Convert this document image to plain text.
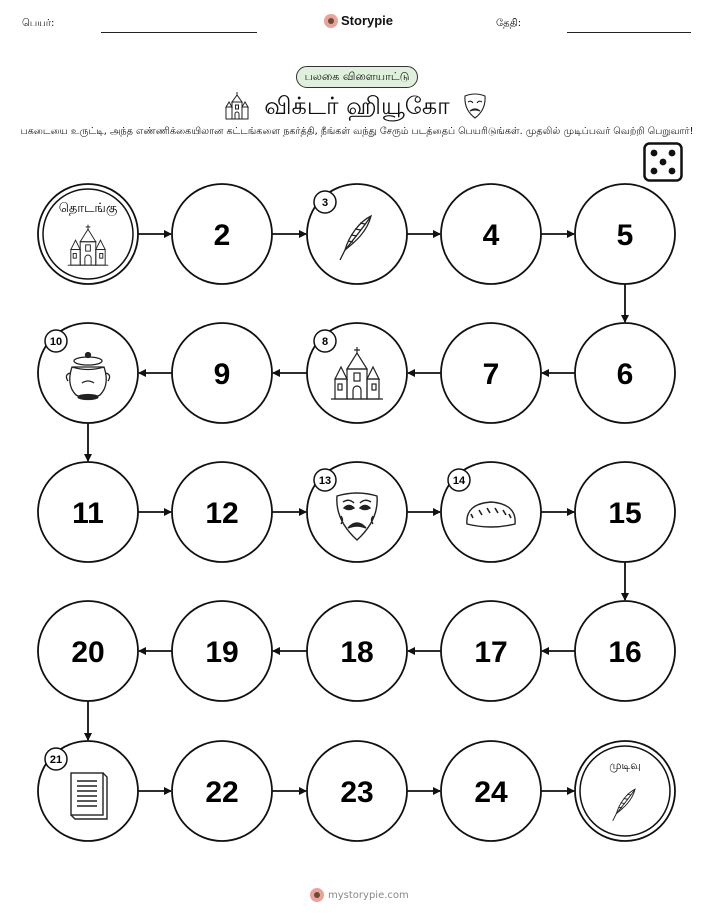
பெயர்:	Storypie	தேதி:
பலகை விளையாட்டு
விக்டர் ஹியூகோ
பகடையை உருட்டி, அந்த எண்ணிக்கையிலான கட்டங்களை நகர்த்தி, நீங்கள் வந்து சேரும் படத்தைப் பெயரிடுங்கள். முதலில் முடிப்பவர் வெற்றி பெறுவார்!
தொடங்கு
2
3
4	5
6
7
8
9
10
11	12
13	14
15
16
17
18
19
20
21
22	23	24
முடிவு
mystorypie.com
